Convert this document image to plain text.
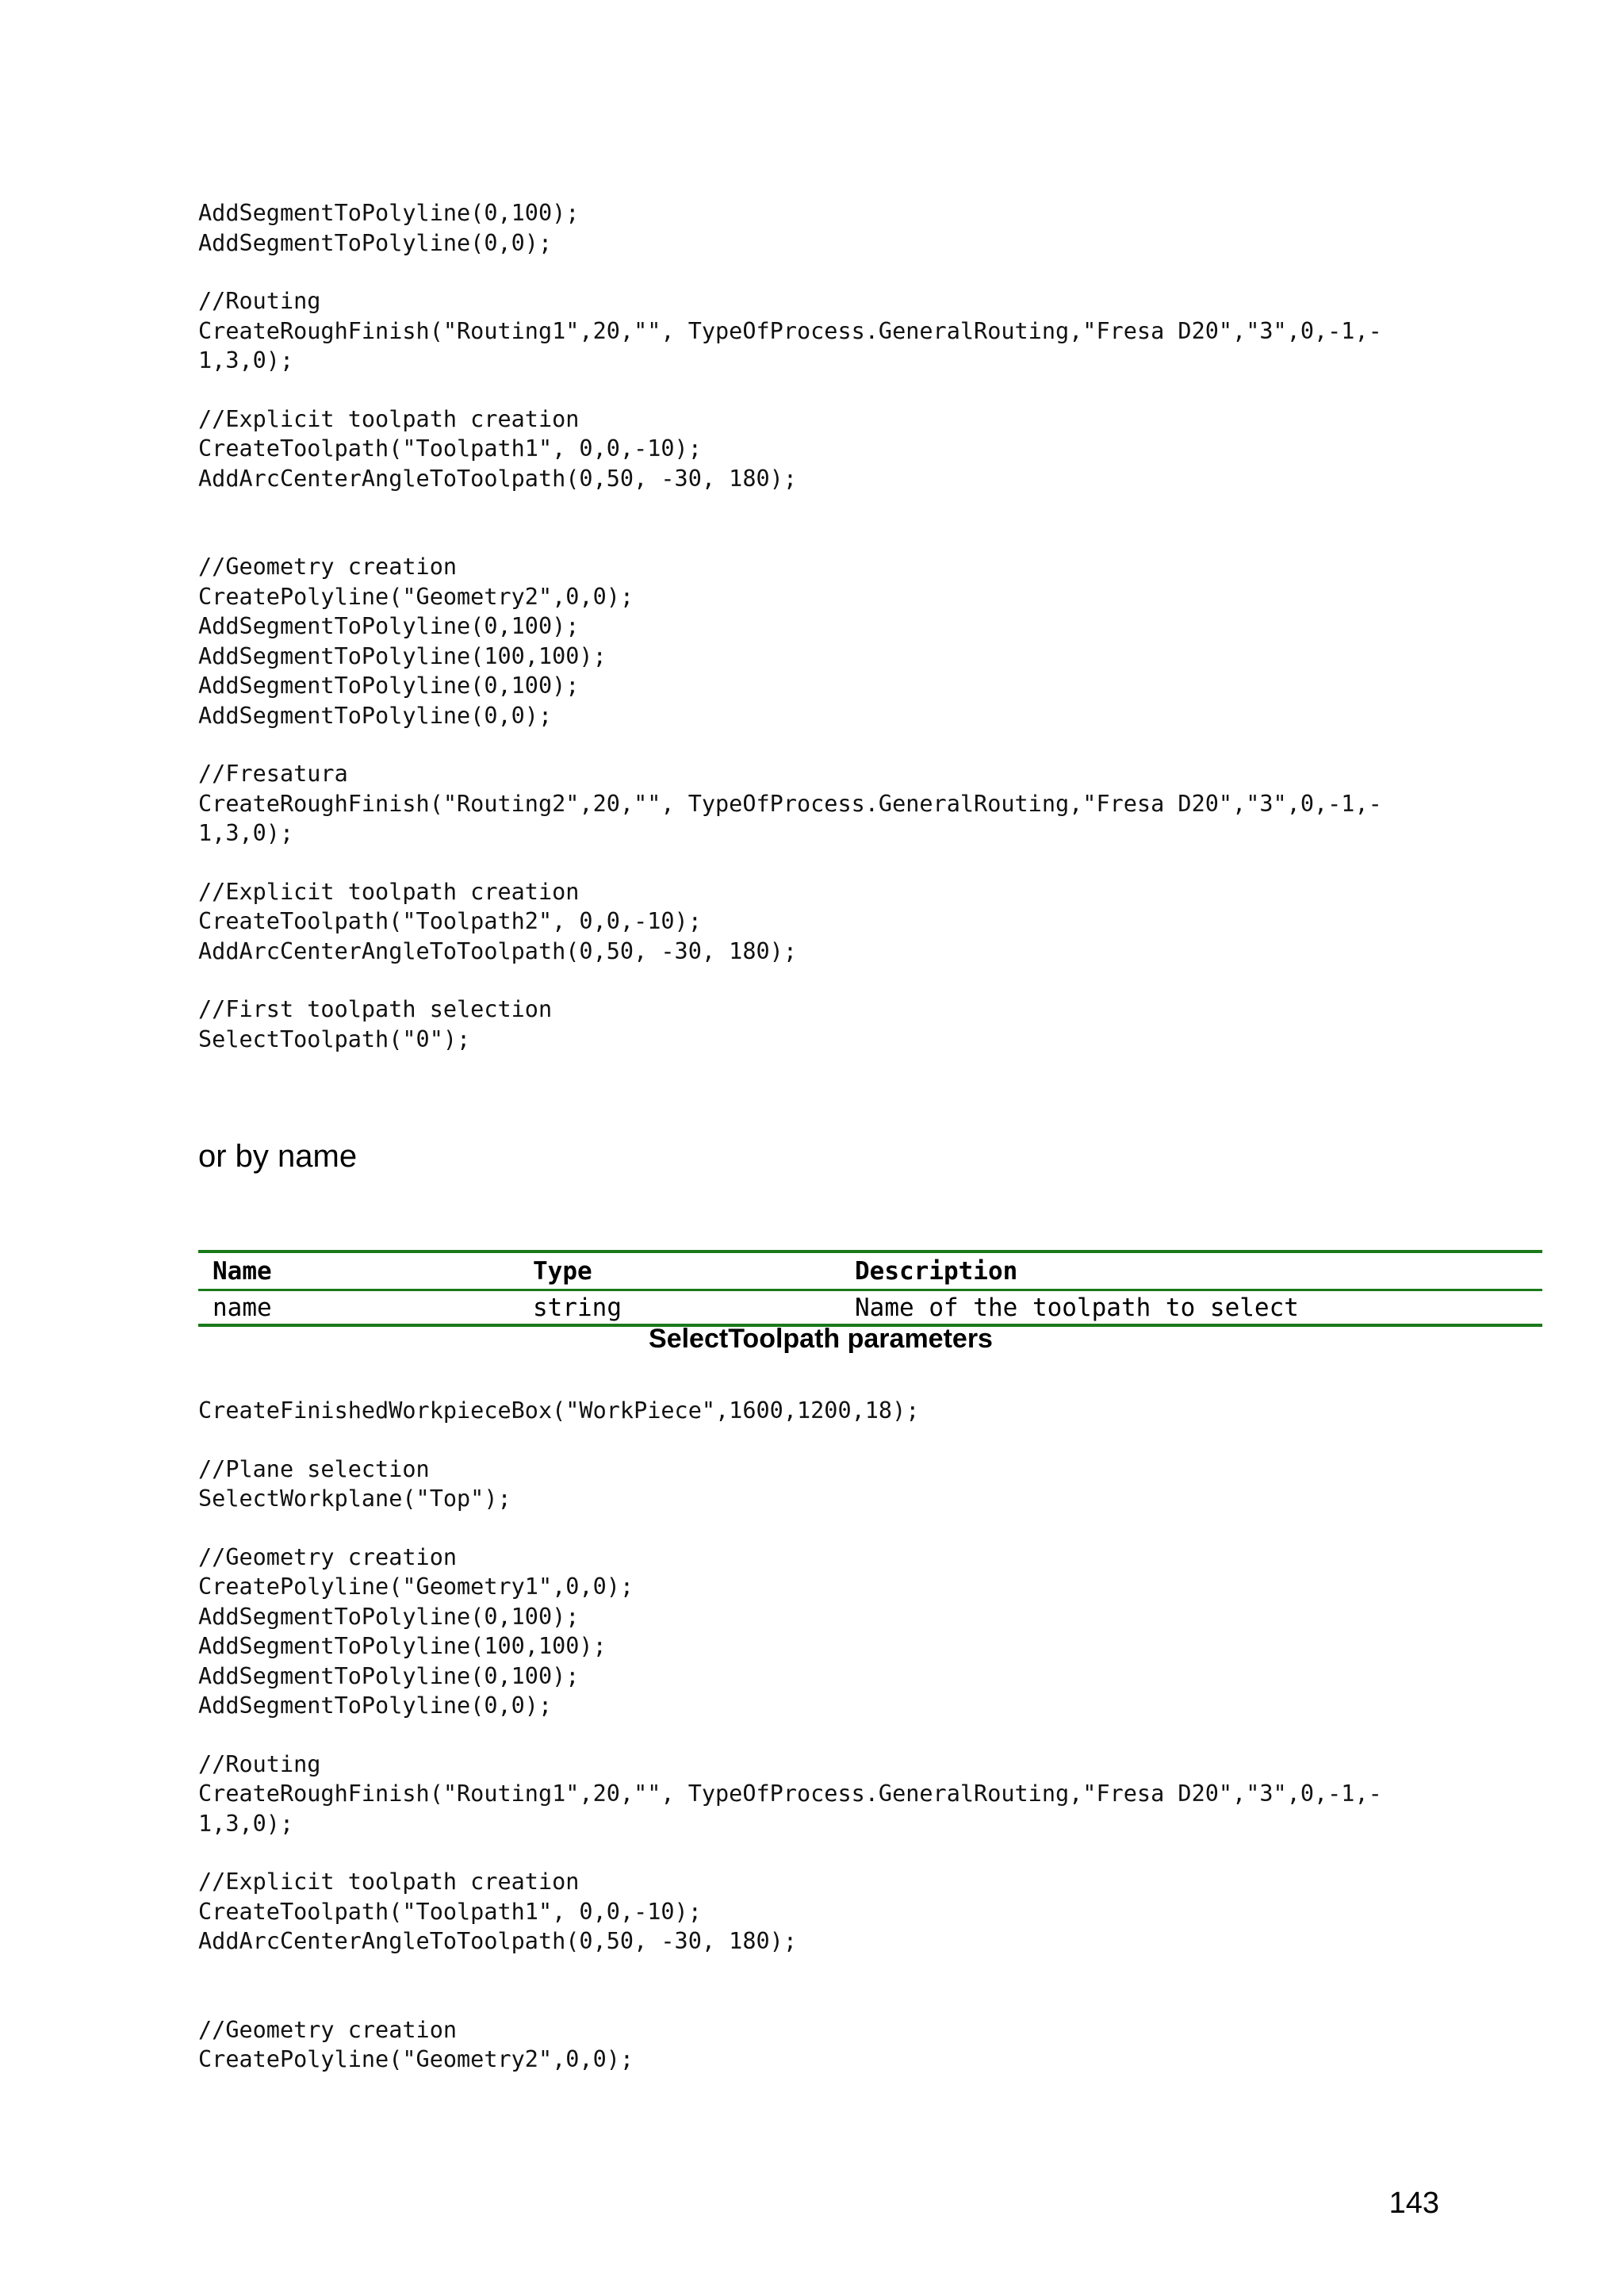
AddSegmentToPolyline(0,100);
AddSegmentToPolyline(0,0);
//Routing
CreateRoughFinish("Routing1",20,"", TypeOfProcess.GeneralRouting,"Fresa D20","3",0,-1,-
1,3,0);
//Explicit toolpath creation
CreateToolpath("Toolpath1", 0,0,-10);
AddArcCenterAngleToToolpath(0,50, -30, 180);
//Geometry creation
CreatePolyline("Geometry2",0,0);
AddSegmentToPolyline(0,100);
AddSegmentToPolyline(100,100);
AddSegmentToPolyline(0,100);
AddSegmentToPolyline(0,0);
//Fresatura
CreateRoughFinish("Routing2",20,"", TypeOfProcess.GeneralRouting,"Fresa D20","3",0,-1,-
1,3,0);
//Explicit toolpath creation
CreateToolpath("Toolpath2", 0,0,-10);
AddArcCenterAngleToToolpath(0,50, -30, 180);
//First toolpath selection
SelectToolpath("0");

or by name

Name	Type	Description
name	string	Name of the toolpath to select

SelectToolpath parameters

CreateFinishedWorkpieceBox("WorkPiece",1600,1200,18);
//Plane selection
SelectWorkplane("Top");
//Geometry creation
CreatePolyline("Geometry1",0,0);
AddSegmentToPolyline(0,100);
AddSegmentToPolyline(100,100);
AddSegmentToPolyline(0,100);
AddSegmentToPolyline(0,0);
//Routing
CreateRoughFinish("Routing1",20,"", TypeOfProcess.GeneralRouting,"Fresa D20","3",0,-1,-
1,3,0);
//Explicit toolpath creation
CreateToolpath("Toolpath1", 0,0,-10);
AddArcCenterAngleToToolpath(0,50, -30, 180);
//Geometry creation
CreatePolyline("Geometry2",0,0);
143
